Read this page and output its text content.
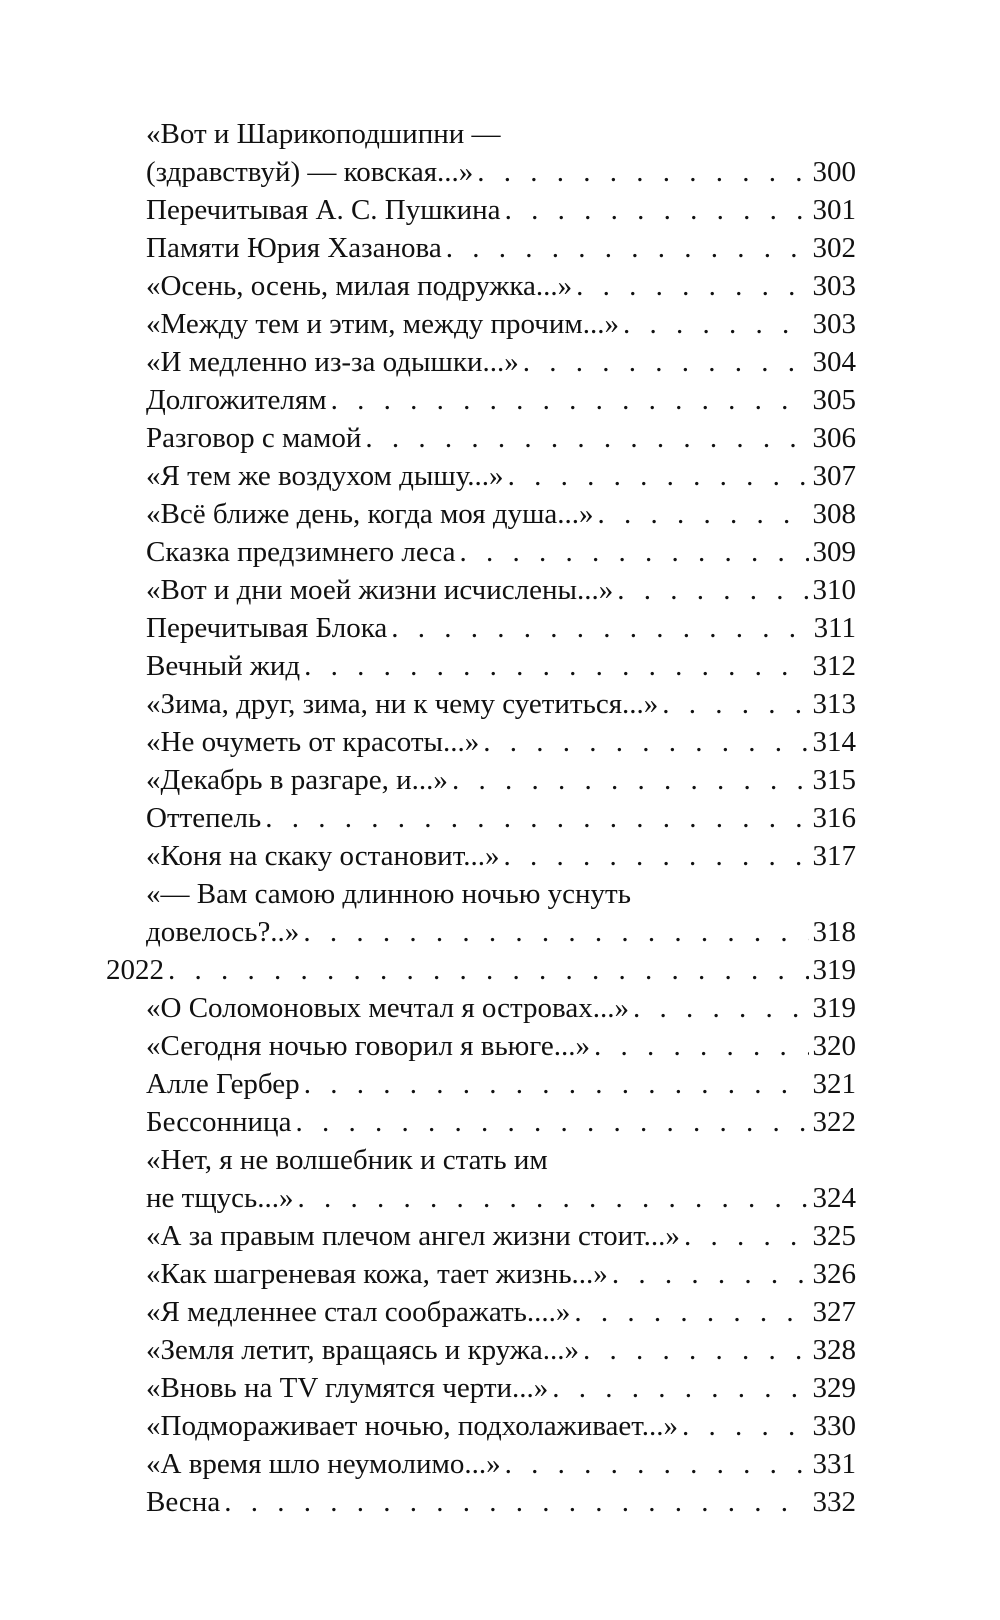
«Вот и Шарикоподшипни —
(здравствуй) — ковская...» . . .	300
Перечитывая А. С. Пушкина . . .	301
Памяти Юрия Хазанова . . .	302
«Осень, осень, милая подружка...» . . .	303
«Между тем и этим, между прочим...» . . .	303
«И медленно из-за одышки...» . . .	304
Долгожителям . . .	305
Разговор с мамой . . .	306
«Я тем же воздухом дышу...» . . .	307
«Всё ближе день, когда моя душа...» . . .	308
Сказка предзимнего леса . . .	309
«Вот и дни моей жизни исчислены...» . . .	310
Перечитывая Блока . . .	311
Вечный жид . . .	312
«Зима, друг, зима, ни к чему суетиться...» . . .	313
«Не очуметь от красоты...» . . .	314
«Декабрь в разгаре, и...» . . .	315
Оттепель . . .	316
«Коня на скаку остановит...» . . .	317
«— Вам самою длинною ночью уснуть
довелось?..» . . .	318
2022 . . .	319
«О Соломоновых мечтал я островах...» . . .	319
«Сегодня ночью говорил я вьюге...» . . .	320
Алле Гербер . . .	321
Бессонница . . .	322
«Нет, я не волшебник и стать им
не тщусь...» . . .	324
«А за правым плечом ангел жизни стоит...» . . .	325
«Как шагреневая кожа, тает жизнь...» . . .	326
«Я медленнее стал соображать....» . . .	327
«Земля летит, вращаясь и кружа...» . . .	328
«Вновь на TV глумятся черти...» . . .	329
«Подмораживает ночью, подхолаживает...» . . .	330
«А время шло неумолимо...» . . .	331
Весна . . .	332
